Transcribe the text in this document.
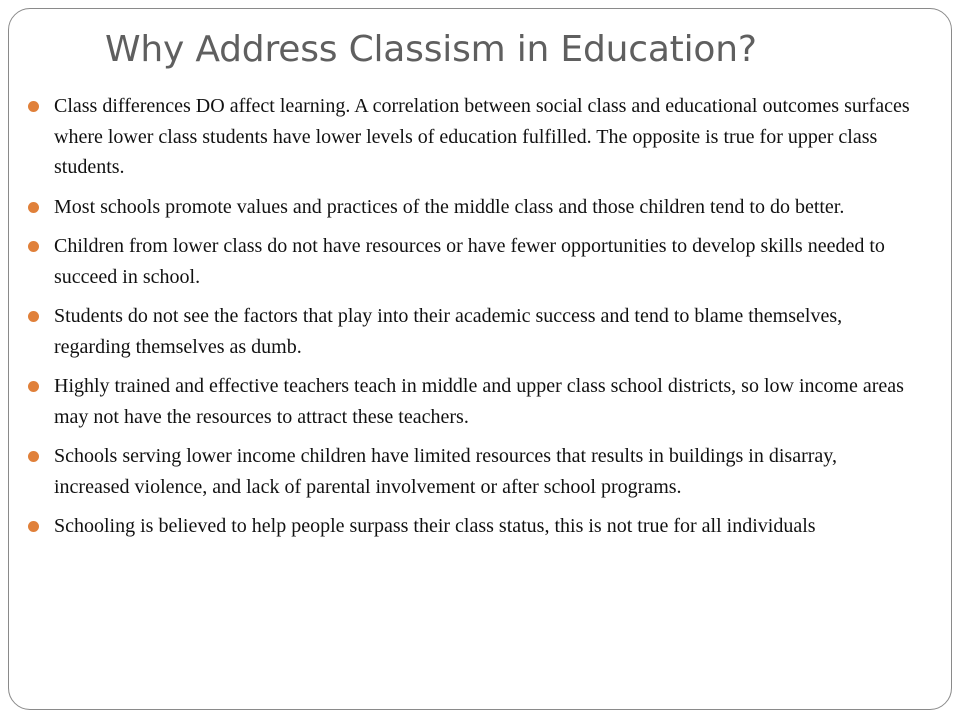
Why Address Classism in Education?
Class differences DO affect learning. A correlation between social class and educational outcomes surfaces where lower class students have lower levels of education fulfilled. The opposite is true for upper class students.
Most schools promote values and practices of the middle class and those children tend to do better.
Children from lower class do not have resources or have fewer opportunities to develop skills needed to succeed in school.
Students do not see the factors that play into their academic success and tend to blame themselves, regarding themselves as dumb.
Highly trained and effective teachers teach in middle and upper class school districts, so low income areas may not have the resources to attract these teachers.
Schools serving lower income children have limited resources that results in buildings in disarray, increased violence, and lack of parental involvement or after school programs.
Schooling is believed to help people surpass their class status, this is not true for all individuals
